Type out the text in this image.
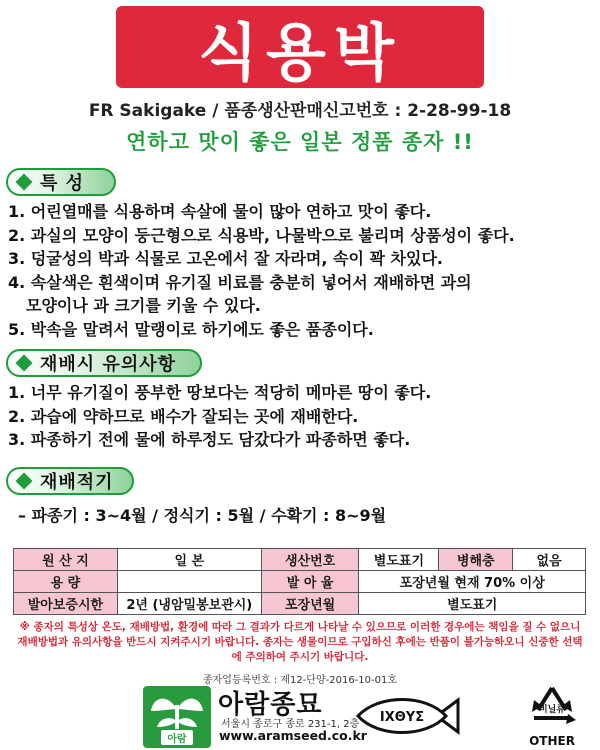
식용박
FR Sakigake / 품종생산판매신고번호 : 2-28-99-18
연하고 맛이 좋은 일본 정품 종자 !!
특 성
1. 어린열매를 식용하며 속살에 물이 많아 연하고 맛이 좋다.
2. 과실의 모양이 둥근형으로 식용박, 나물박으로 불리며 상품성이 좋다.
3. 덩굴성의 박과 식물로 고온에서 잘 자라며, 속이 꽉 차있다.
4. 속살색은 흰색이며 유기질 비료를 충분히 넣어서 재배하면 과의
모양이나 과 크기를 키울 수 있다.
5. 박속을 말려서 말랭이로 하기에도 좋은 품종이다.
재배시 유의사항
1. 너무 유기질이 풍부한 땅보다는 적당히 메마른 땅이 좋다.
2. 과습에 약하므로 배수가 잘되는 곳에 재배한다.
3. 파종하기 전에 물에 하루정도 담갔다가 파종하면 좋다.
재배적기
– 파종기 : 3~4월 / 정식기 : 5월 / 수확기 : 8~9월
원 산 지	일 본	생산번호	별도표기	병해충	없음
용 량		발 아 율	포장년월 현재 70% 이상		
발아보증시한	2년 (냉암밀봉보관시)	포장년월	별도표기		
※ 종자의 특성상 온도, 재배방법, 환경에 따라 그 결과가 다르게 나타날 수 있으므로 이러한 경우에는 책임을 질 수 없으니 재배방법과 유의사항을 반드시 지켜주시기 바랍니다. 종자는 생물이므로 구입하신 후에는 반품이 불가능하오니 신중한 선택에 주의하여 주시기 바랍니다.
종자업등록번호 : 제12-단양-2016-10-01호
아람
아람종묘
서울시 종로구 종로 231-1, 2층
www.aramseed.co.kr
ΙΧΘΥΣ	비닐류
OTHER
